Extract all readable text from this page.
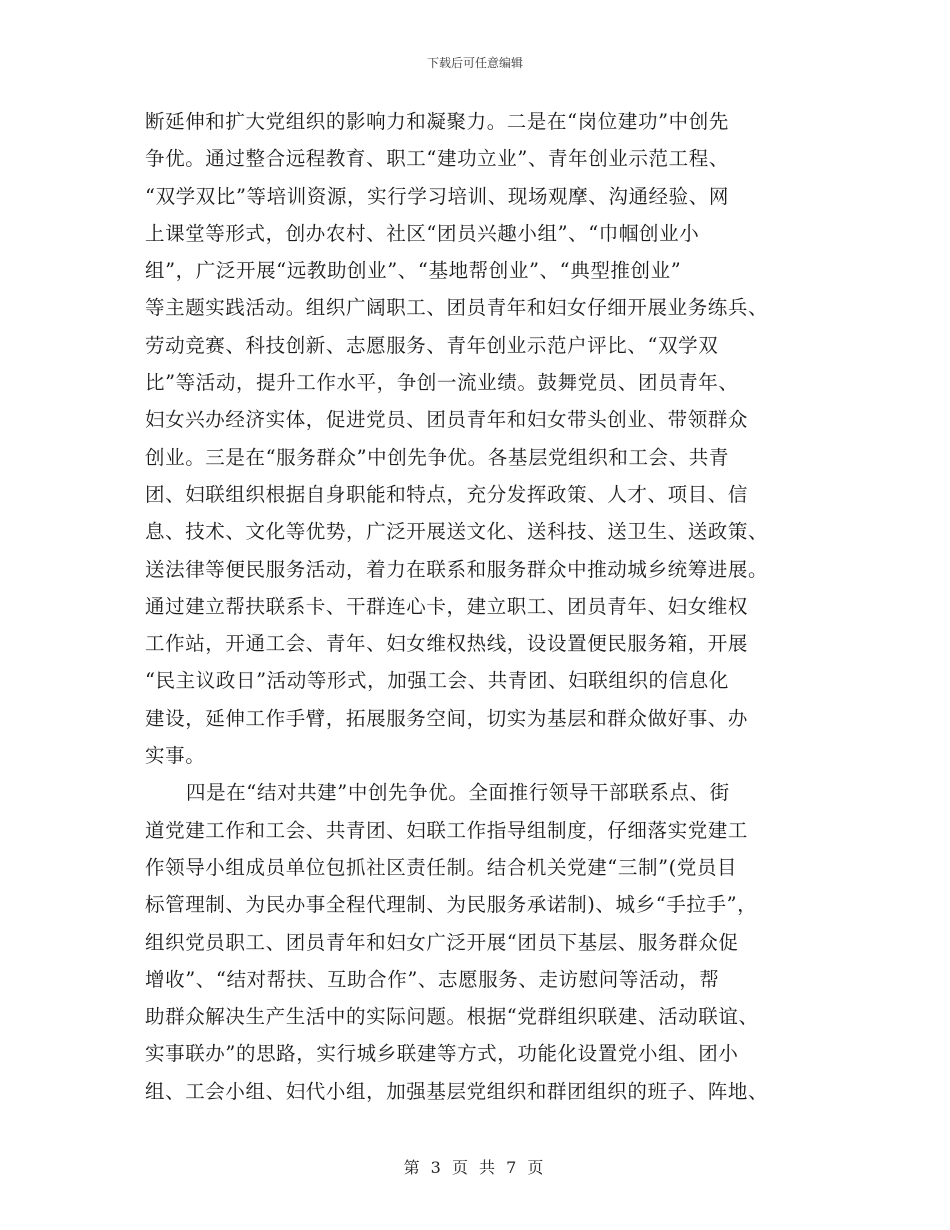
下载后可任意编辑
断延伸和扩大党组织的影响力和凝聚力。二是在“岗位建功”中创先
争优。通过整合远程教育、职工“建功立业”、青年创业示范工程、
“双学双比”等培训资源，实行学习培训、现场观摩、沟通经验、网
上课堂等形式，创办农村、社区“团员兴趣小组”、“巾帼创业小
组”，广泛开展“远教助创业”、“基地帮创业”、“典型推创业”
等主题实践活动。组织广阔职工、团员青年和妇女仔细开展业务练兵、
劳动竞赛、科技创新、志愿服务、青年创业示范户评比、“双学双
比”等活动，提升工作水平，争创一流业绩。鼓舞党员、团员青年、
妇女兴办经济实体，促进党员、团员青年和妇女带头创业、带领群众
创业。三是在“服务群众”中创先争优。各基层党组织和工会、共青
团、妇联组织根据自身职能和特点，充分发挥政策、人才、项目、信
息、技术、文化等优势，广泛开展送文化、送科技、送卫生、送政策、
送法律等便民服务活动，着力在联系和服务群众中推动城乡统筹进展。
通过建立帮扶联系卡、干群连心卡，建立职工、团员青年、妇女维权
工作站，开通工会、青年、妇女维权热线，设设置便民服务箱，开展
“民主议政日”活动等形式，加强工会、共青团、妇联组织的信息化
建设，延伸工作手臂，拓展服务空间，切实为基层和群众做好事、办
实事。
四是在“结对共建”中创先争优。全面推行领导干部联系点、街
道党建工作和工会、共青团、妇联工作指导组制度，仔细落实党建工
作领导小组成员单位包抓社区责任制。结合机关党建“三制”(党员目
标管理制、为民办事全程代理制、为民服务承诺制)、城乡“手拉手”，
组织党员职工、团员青年和妇女广泛开展“团员下基层、服务群众促
增收”、“结对帮扶、互助合作”、志愿服务、走访慰问等活动，帮
助群众解决生产生活中的实际问题。根据“党群组织联建、活动联谊、
实事联办”的思路，实行城乡联建等方式，功能化设置党小组、团小
组、工会小组、妇代小组，加强基层党组织和群团组织的班子、阵地、
第 3 页 共 7 页
